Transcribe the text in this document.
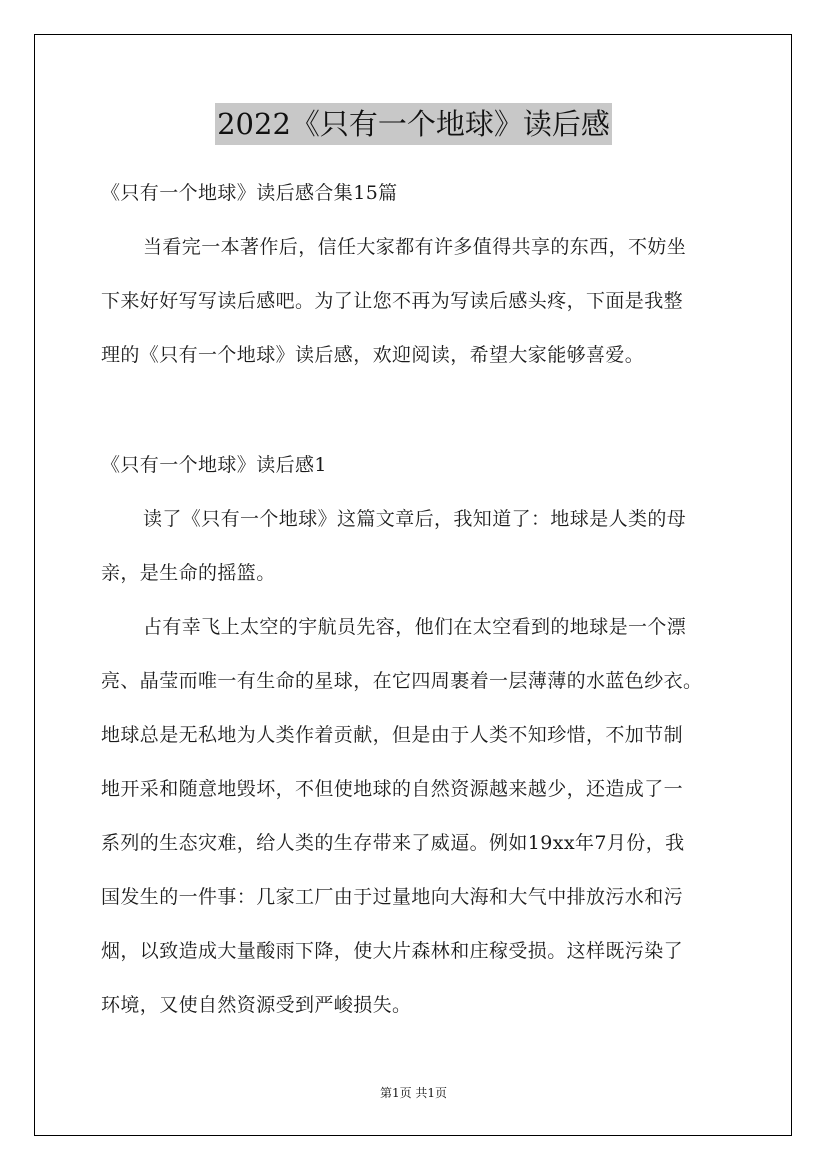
2022《只有一个地球》读后感
《只有一个地球》读后感合集15篇
当看完一本著作后，信任大家都有许多值得共享的东西，不妨坐
下来好好写写读后感吧。为了让您不再为写读后感头疼，下面是我整
理的《只有一个地球》读后感，欢迎阅读，希望大家能够喜爱。
《只有一个地球》读后感1
读了《只有一个地球》这篇文章后，我知道了：地球是人类的母
亲，是生命的摇篮。
占有幸飞上太空的宇航员先容，他们在太空看到的地球是一个漂
亮、晶莹而唯一有生命的星球，在它四周裹着一层薄薄的水蓝色纱衣。
地球总是无私地为人类作着贡献，但是由于人类不知珍惜，不加节制
地开采和随意地毁坏，不但使地球的自然资源越来越少，还造成了一
系列的生态灾难，给人类的生存带来了威逼。例如19xx年7月份，我
国发生的一件事：几家工厂由于过量地向大海和大气中排放污水和污
烟，以致造成大量酸雨下降，使大片森林和庄稼受损。这样既污染了
环境，又使自然资源受到严峻损失。
第1页 共1页
